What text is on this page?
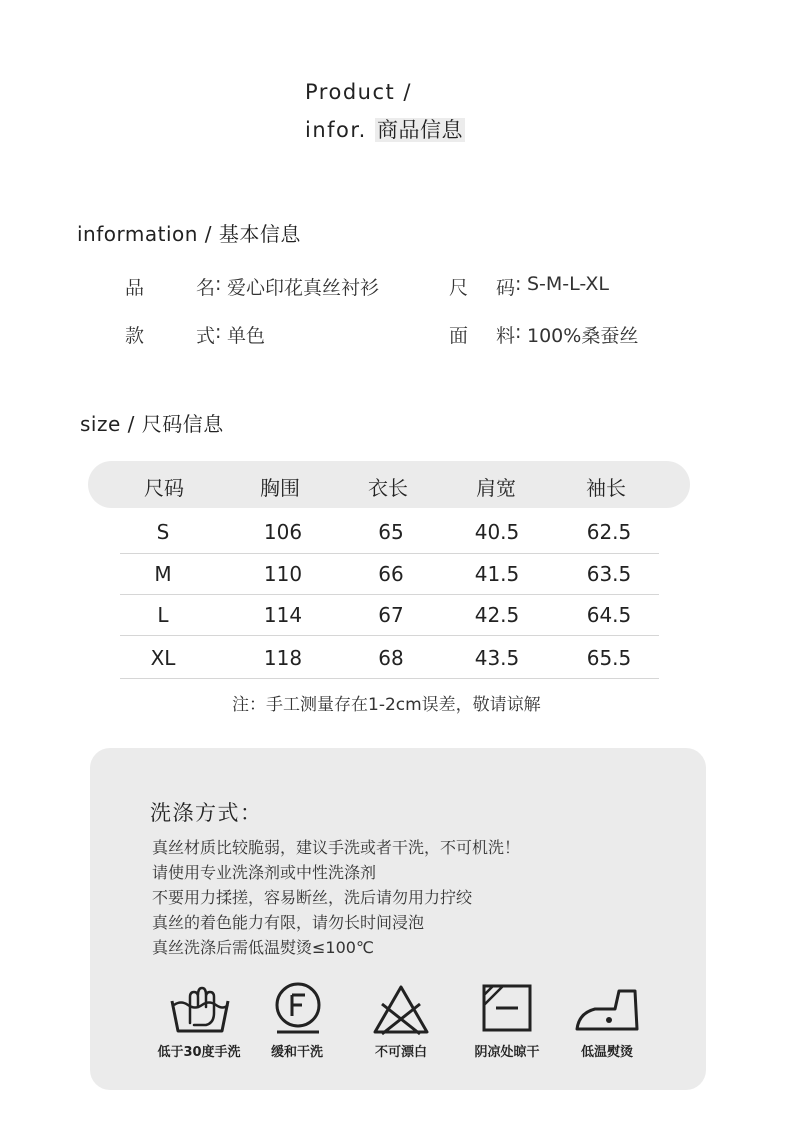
Product /
infor. 商品信息
information / 基本信息
品	名 : 爱心印花真丝衬衫	尺 码 : S-M-L-XL
款	式 : 单色	面 料 : 100%桑蚕丝
size / 尺码信息
尺码	胸围	衣长	肩宽	袖长
S	106	65	40.5	62.5
M	110	66	41.5	63.5
L	114	67	42.5	64.5
XL	118	68	43.5	65.5
注：手工测量存在1-2cm误差，敬请谅解
洗涤方式：
真丝材质比较脆弱，建议手洗或者干洗，不可机洗！
请使用专业洗涤剂或中性洗涤剂
不要用力揉搓，容易断丝，洗后请勿用力拧绞
真丝的着色能力有限，请勿长时间浸泡
真丝洗涤后需低温熨烫≤100℃
低于30度手洗 缓和干洗	不可漂白	阴凉处晾干	低温熨烫
